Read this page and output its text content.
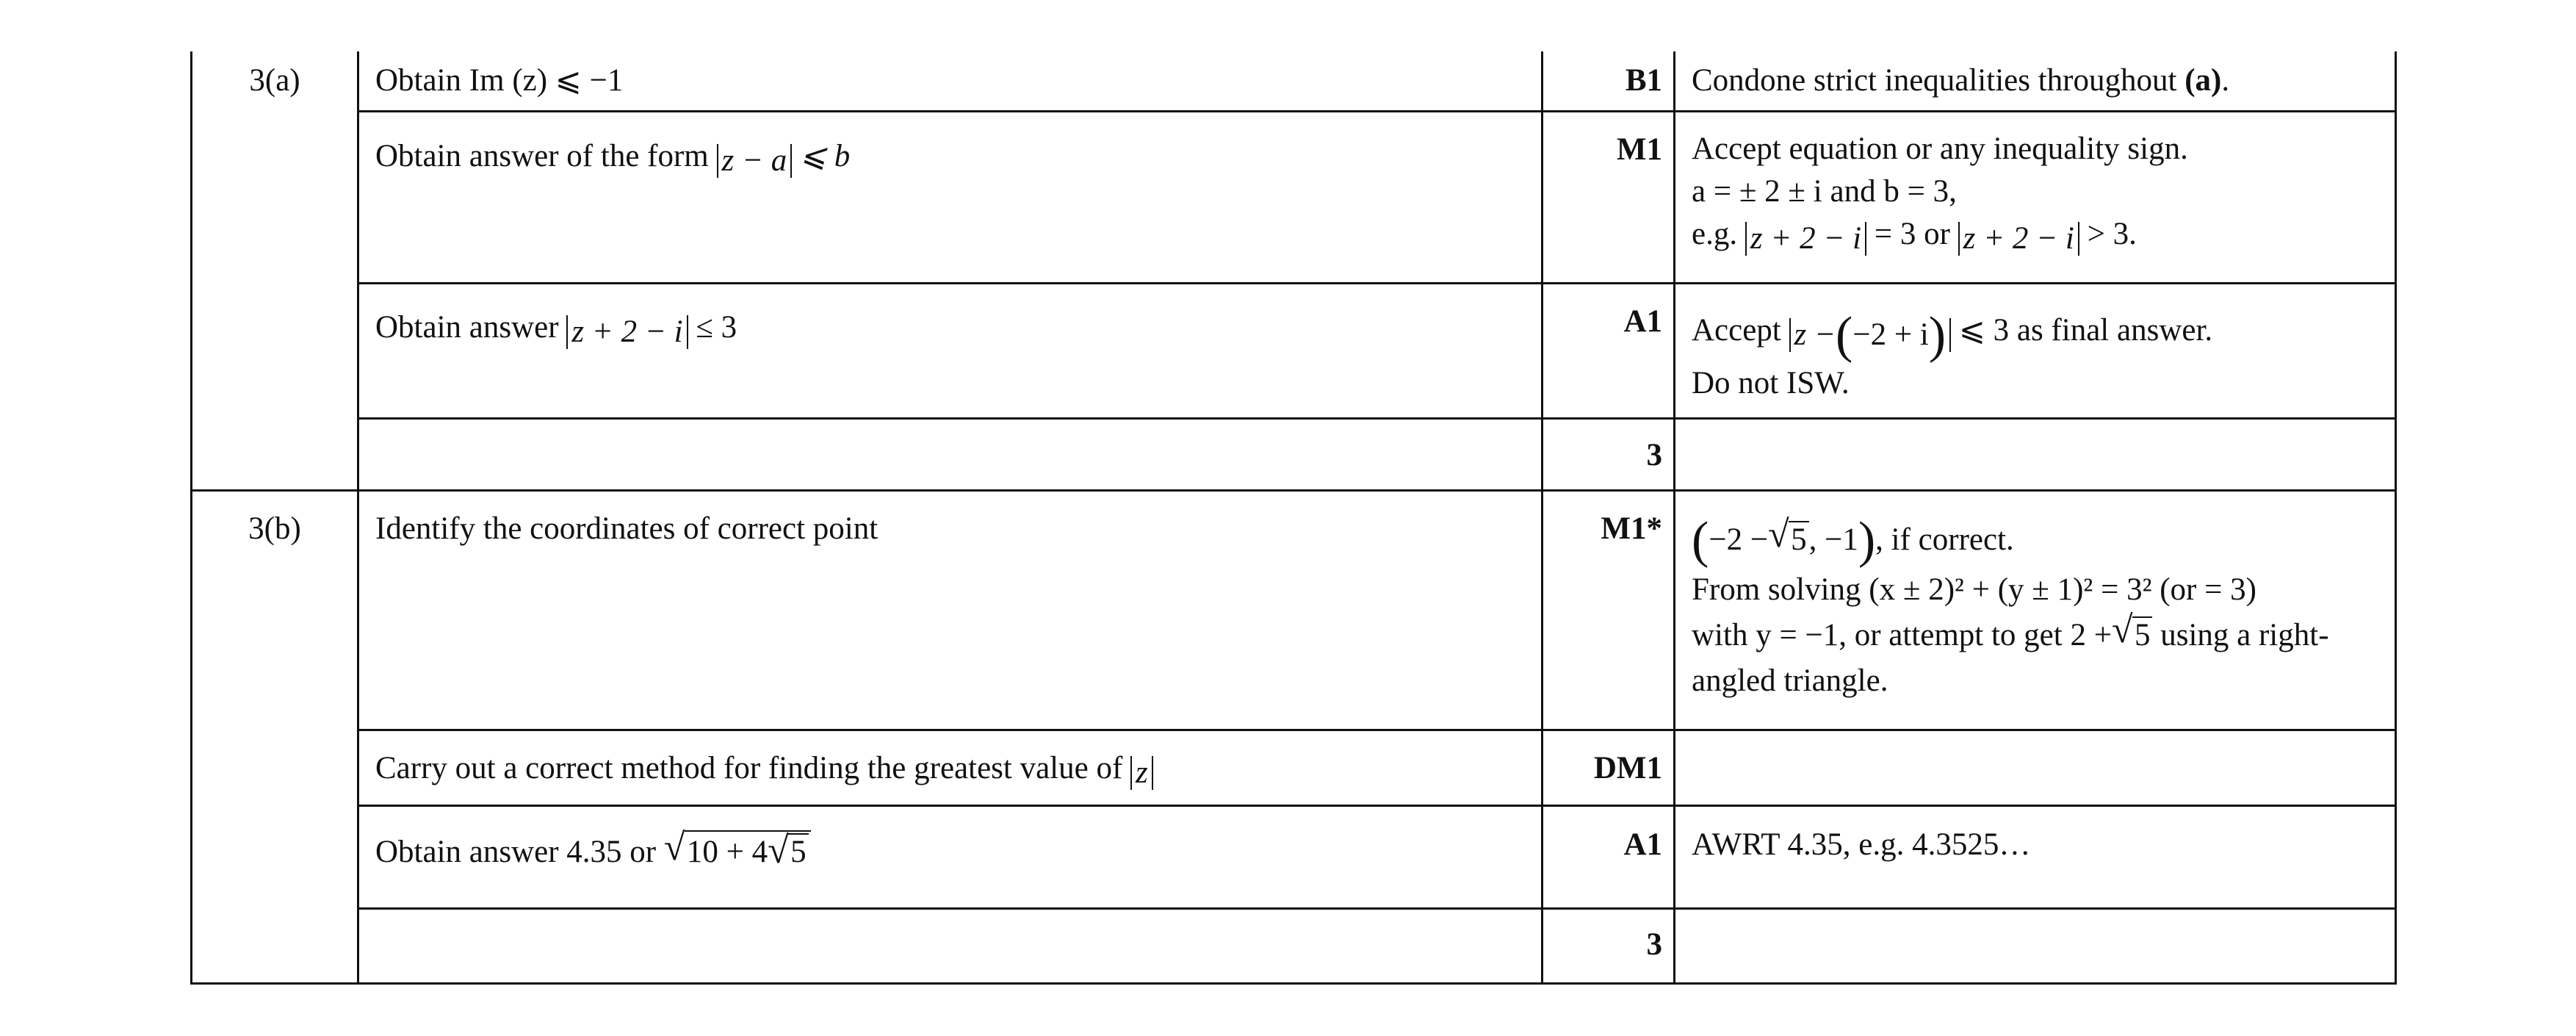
3(a)	Obtain Im (z) ⩽ −1	B1 Condone strict inequalities throughout (a).
Obtain answer of the form z − a ⩽ b	M1 Accept equation or any inequality sign.
a = ± 2 ± i and b = 3,
e.g. z + 2 − i = 3 or z + 2 − i > 3.
Obtain answer z + 2 − i ≤ 3	A1 Accept z −(−2 + i) ⩽ 3 as final answer.
Do not ISW.
3
3(b)	Identify the coordinates of correct point	M1* (−2 − √ 5, −1), if correct.
From solving (x ± 2)² + (y ± 1)² = 3² (or = 3)
with y = −1, or attempt to get 2 + √ 5 using a right-
angled triangle.
Carry out a correct method for finding the greatest value of z	DM1
Obtain answer 4.35 or √ 10 + 4 √ 5	A1 AWRT 4.35, e.g. 4.3525…
3
